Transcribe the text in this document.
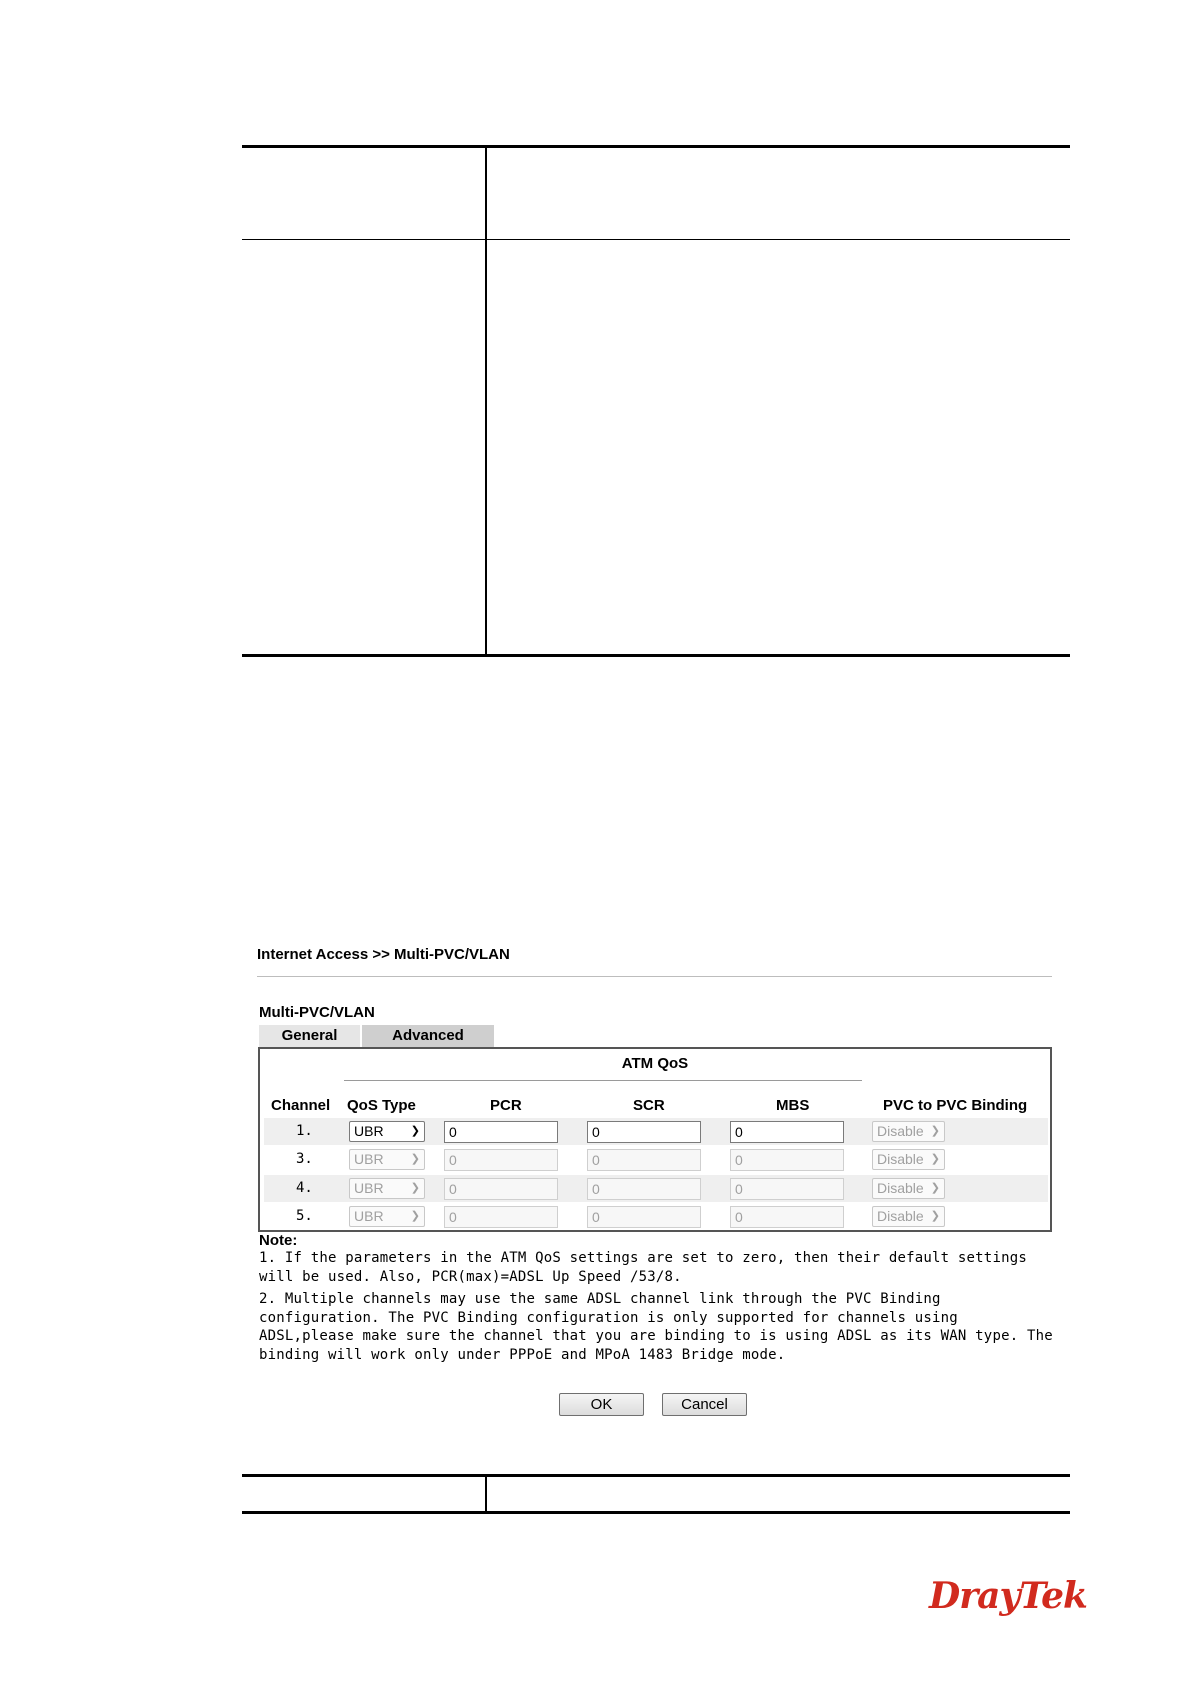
Internet Access >> Multi-PVC/VLAN
Multi-PVC/VLAN
General	Advanced
ATM QoS
Channel QoS Type	PCR	SCR	MBS	PVC to PVC Binding
1.	UBR ❯	0	0	0	Disable ❯
3.	UBR ❯	0	0	0	Disable ❯
4.	UBR ❯	0	0	0	Disable ❯
5.	UBR ❯	0	0	0	Disable ❯
Note:

1. If the parameters in the ATM QoS settings are set to zero, then their default settings will be used. Also, PCR(max)=ADSL Up Speed /53/8.

2. Multiple channels may use the same ADSL channel link through the PVC Binding configuration. The PVC Binding configuration is only supported for channels using ADSL,please make sure the channel that you are binding to is using ADSL as its WAN type. The binding will work only under PPPoE and MPoA 1483 Bridge mode.

OK	Cancel
DrayTek
